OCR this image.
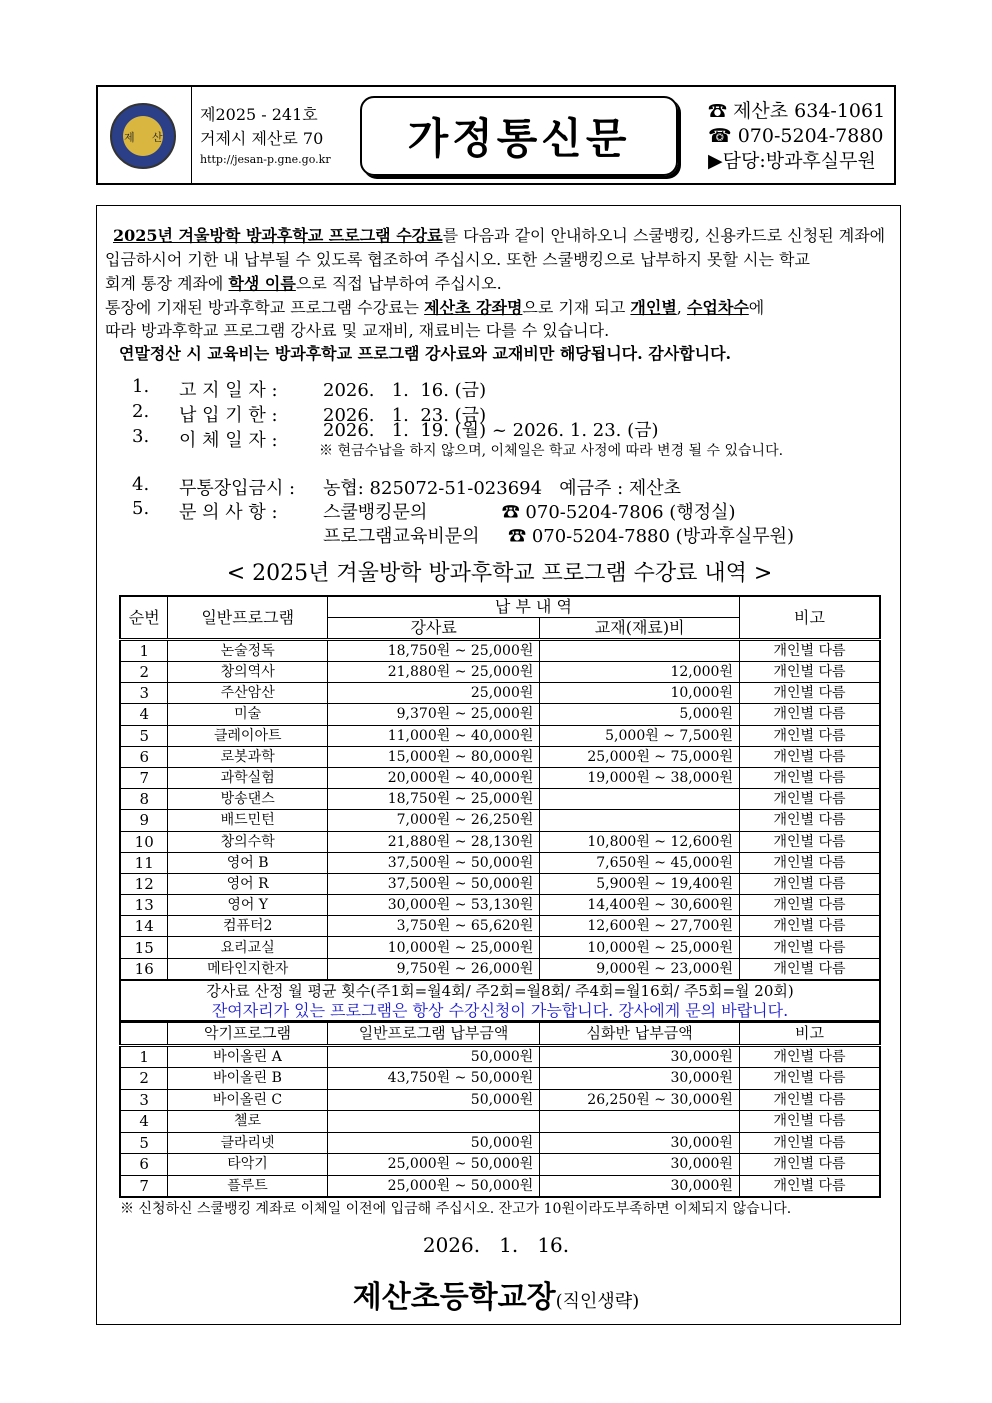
제 산
제2025 - 241호
거제시 제산로 70
http://jesan-p.gne.go.kr	가정통신문
☎ 제산초 634-1061
☎ 070-5204-7880
▶담당:방과후실무원
2025년 겨울방학 방과후학교 프로그램 수강료를 다음과 같이 안내하오니 스쿨뱅킹, 신용카드로 신청된 계좌에
입금하시어 기한 내 납부될 수 있도록 협조하여 주십시오. 또한 스쿨뱅킹으로 납부하지 못할 시는 학교
회계 통장 계좌에 학생 이름으로 직접 납부하여 주십시오.
통장에 기재된 방과후학교 프로그램 수강료는 제산초 강좌명으로 기재 되고 개인별, 수업차수에
따라 방과후학교 프로그램 강사료 및 교재비, 재료비는 다를 수 있습니다.
연말정산 시 교육비는 방과후학교 프로그램 강사료와 교재비만 해당됩니다. 감사합니다.
1. 고 지 일 자 :	2026.   1.  16. (금)
2. 납 입 기 한 :	2026.   1.  23. (금)
3. 이 체 일 자 :	2026.   1.  19. (월) ~ 2026. 1. 23. (금)
※ 현금수납을 하지 않으며, 이체일은 학교 사정에 따라 변경 될 수 있습니다.
4. 무통장입금시 : 농협: 825072-51-023694   예금주 : 제산초
5. 문 의 사 항 :	스쿨뱅킹문의             ☎ 070-5204-7806 (행정실)
프로그램교육비문의     ☎ 070-5204-7880 (방과후실무원)
< 2025년 겨울방학 방과후학교 프로그램 수강료 내역 >
순번	일반프로그램	납 부 내 역		비고
		강사료	교재(재료)비	
1	논술정독	18,750원 ~ 25,000원		개인별 다름
2	창의역사	21,880원 ~ 25,000원	12,000원	개인별 다름
3	주산암산	25,000원	10,000원	개인별 다름
4	미술	9,370원 ~ 25,000원	5,000원	개인별 다름
5	클레이아트	11,000원 ~ 40,000원	5,000원 ~ 7,500원	개인별 다름
6	로봇과학	15,000원 ~ 80,000원	25,000원 ~ 75,000원	개인별 다름
7	과학실험	20,000원 ~ 40,000원	19,000원 ~ 38,000원	개인별 다름
8	방송댄스	18,750원 ~ 25,000원		개인별 다름
9	배드민턴	7,000원 ~ 26,250원		개인별 다름
10	창의수학	21,880원 ~ 28,130원	10,800원 ~ 12,600원	개인별 다름
11	영어 B	37,500원 ~ 50,000원	7,650원 ~ 45,000원	개인별 다름
12	영어 R	37,500원 ~ 50,000원	5,900원 ~ 19,400원	개인별 다름
13	영어 Y	30,000원 ~ 53,130원	14,400원 ~ 30,600원	개인별 다름
14	컴퓨터2	3,750원 ~ 65,620원	12,600원 ~ 27,700원	개인별 다름
15	요리교실	10,000원 ~ 25,000원	10,000원 ~ 25,000원	개인별 다름
16	메타인지한자	9,750원 ~ 26,000원	9,000원 ~ 23,000원	개인별 다름

강사료 산정 월 평균 횟수(주1회=월4회/ 주2회=월8회/ 주4회=월16회/ 주5회=월 20회)
잔여자리가 있는 프로그램은 항상 수강신청이 가능합니다. 강사에게 문의 바랍니다.				
	악기프로그램	일반프로그램 납부금액	심화반 납부금액	비고
1	바이올린 A	50,000원	30,000원	개인별 다름
2	바이올린 B	43,750원 ~ 50,000원	30,000원	개인별 다름
3	바이올린 C	50,000원	26,250원 ~ 30,000원	개인별 다름
4	첼로			개인별 다름
5	클라리넷	50,000원	30,000원	개인별 다름
6	타악기	25,000원 ~ 50,000원	30,000원	개인별 다름
7	플루트	25,000원 ~ 50,000원	30,000원	개인별 다름
※ 신청하신 스쿨뱅킹 계좌로 이체일 이전에 입금해 주십시오. 잔고가 10원이라도부족하면 이체되지 않습니다.
2026.   1.   16.
제산초등학교장(직인생략)
